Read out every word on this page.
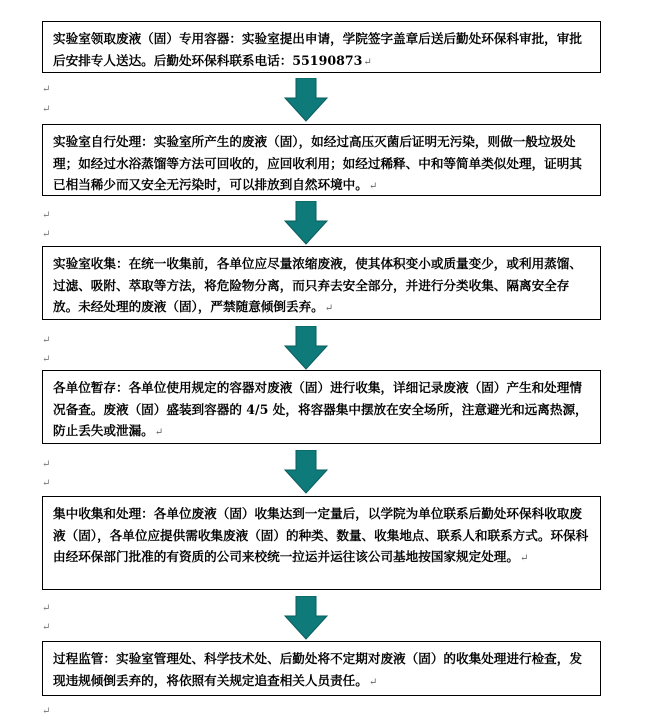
实验室领取废液（固）专用容器：实验室提出申请，学院签字盖章后送后勤处环保科审批，审批后安排专人送达。后勤处环保科联系电话：55190873↵
↵
↵
实验室自行处理：实验室所产生的废液（固），如经过高压灭菌后证明无污染，则做一般垃圾处理；如经过水浴蒸馏等方法可回收的，应回收利用；如经过稀释、中和等简单类似处理，证明其已相当稀少而又安全无污染时，可以排放到自然环境中。↵
↵
↵
实验室收集：在统一收集前，各单位应尽量浓缩废液，使其体积变小或质量变少，或利用蒸馏、过滤、吸附、萃取等方法，将危险物分离，而只弃去安全部分，并进行分类收集、隔离安全存放。未经处理的废液（固），严禁随意倾倒丢弃。↵
↵
↵
各单位暂存：各单位使用规定的容器对废液（固）进行收集，详细记录废液（固）产生和处理情况备查。废液（固）盛装到容器的 4/5 处，将容器集中摆放在安全场所，注意避光和远离热源，防止丢失或泄漏。↵
↵
↵
集中收集和处理：各单位废液（固）收集达到一定量后，以学院为单位联系后勤处环保科收取废液（固），各单位应提供需收集废液（固）的种类、数量、收集地点、联系人和联系方式。环保科由经环保部门批准的有资质的公司来校统一拉运并运往该公司基地按国家规定处理。↵
↵
↵
过程监管：实验室管理处、科学技术处、后勤处将不定期对废液（固）的收集处理进行检查，发现违规倾倒丢弃的，将依照有关规定追查相关人员责任。↵
↵
